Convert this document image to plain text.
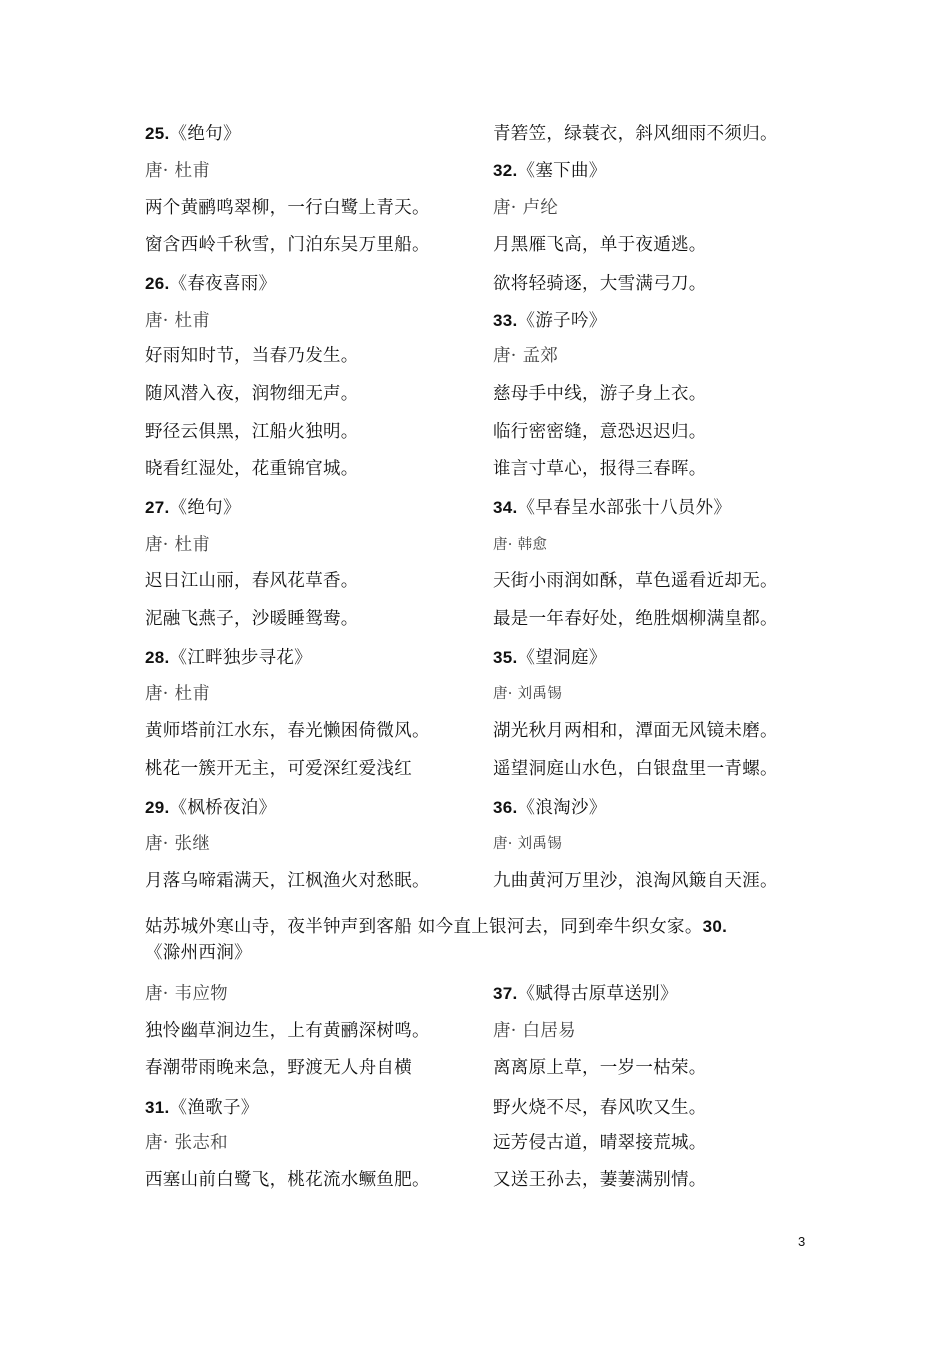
25.《绝句》
唐· 杜甫
两个黄鹂鸣翠柳，一行白鹭上青天。
窗含西岭千秋雪，门泊东吴万里船。
26.《春夜喜雨》
唐· 杜甫
好雨知时节，当春乃发生。
随风潜入夜，润物细无声。
野径云俱黑，江船火独明。
晓看红湿处，花重锦官城。
27.《绝句》
唐· 杜甫
迟日江山丽，春风花草香。
泥融飞燕子，沙暖睡鸳鸯。
28.《江畔独步寻花》
唐· 杜甫
黄师塔前江水东，春光懒困倚微风。
桃花一簇开无主，可爱深红爱浅红
29.《枫桥夜泊》
唐· 张继
月落乌啼霜满天，江枫渔火对愁眠。
青箬笠，绿蓑衣，斜风细雨不须归。
32.《塞下曲》
唐· 卢纶
月黑雁飞高，单于夜遁逃。
欲将轻骑逐，大雪满弓刀。
33.《游子吟》
唐· 孟郊
慈母手中线，游子身上衣。
临行密密缝，意恐迟迟归。
谁言寸草心，报得三春晖。
34.《早春呈水部张十八员外》
唐· 韩愈
天街小雨润如酥，草色遥看近却无。
最是一年春好处，绝胜烟柳满皇都。
35.《望洞庭》
唐· 刘禹锡
湖光秋月两相和，潭面无风镜未磨。
遥望洞庭山水色，白银盘里一青螺。
36.《浪淘沙》
唐· 刘禹锡
九曲黄河万里沙，浪淘风簸自天涯。
唐· 韦应物
独怜幽草涧边生，上有黄鹂深树鸣。
春潮带雨晚来急，野渡无人舟自横
31.《渔歌子》
唐· 张志和
西塞山前白鹭飞，桃花流水鳜鱼肥。
37.《赋得古原草送别》
唐· 白居易
离离原上草，一岁一枯荣。
野火烧不尽，春风吹又生。
远芳侵古道，晴翠接荒城。
又送王孙去，萋萋满别情。
姑苏城外寒山寺，夜半钟声到客船 如今直上银河去，同到牵牛织女家。30.
《滁州西涧》
3
